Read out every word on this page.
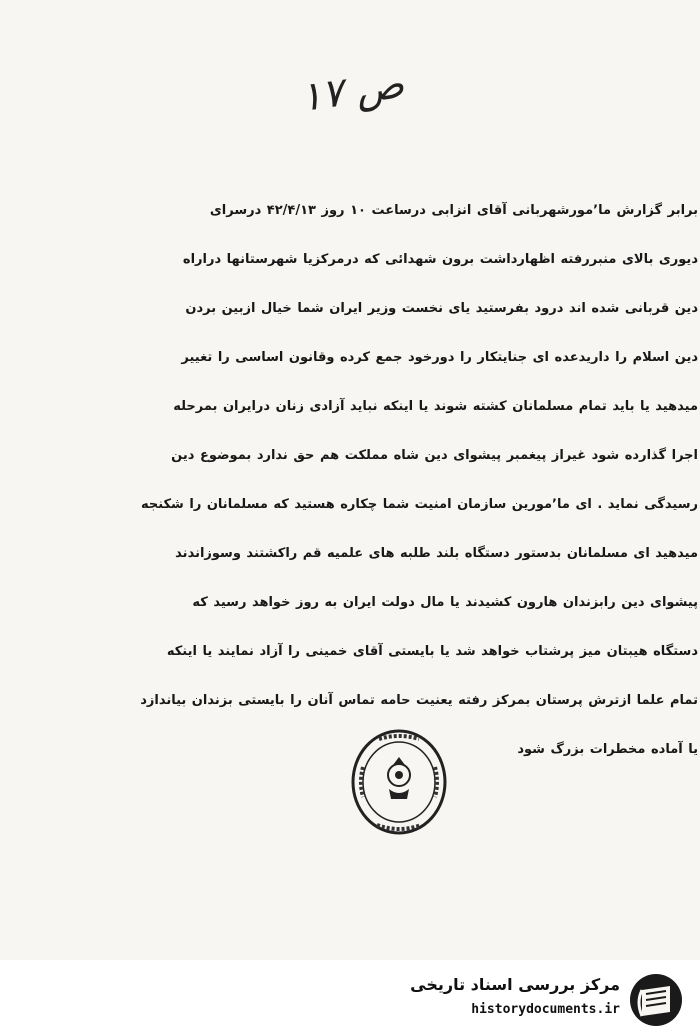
ص ۱۷
برابر گزارش ما٬مورشهربانی آقای انزابی درساعت ۱۰ روز ۴۲/۴/۱۳ درسرای
دیوری بالای منبررفته اظهارداشت برون شهدائی که درمرکزیا شهرستانها دراراه
دین قربانی شده اند درود بفرستید یای نخست وزیر ایران شما خیال ازبین بردن
دین اسلام را داریدعده ای جنایتکار را دورخود جمع کرده وقانون اساسی را تغییر
میدهید یا باید تمام مسلمانان کشته شوند یا اینکه نباید آزادی زنان درایران بمرحله
اجرا گذارده شود غیراز پیغمبر پیشوای دین شاه مملکت هم حق ندارد بموضوع دین
رسیدگی نماید . ای ما٬مورین سازمان امنیت شما چکاره هستید که مسلمانان را شکنجه
میدهید ای مسلمانان بدستور دستگاه بلند طلبه های علمیه قم راکشتند وسوزاندند
پیشوای دین رابزندان هارون کشیدند یا مال دولت ایران به روز خواهد رسید که
دستگاه هیبتان میز پرشتاب خواهد شد یا بایستی آقای خمینی را آزاد نمایند یا اینکه
تمام علما ازترش پرستان بمرکز رفته یعنیت حامه تماس آنان را بایستی بزندان بیاندازد
یا آماده مخطرات بزرگ شود
مرکز بررسی اسناد تاریخی
historydocuments.ir
